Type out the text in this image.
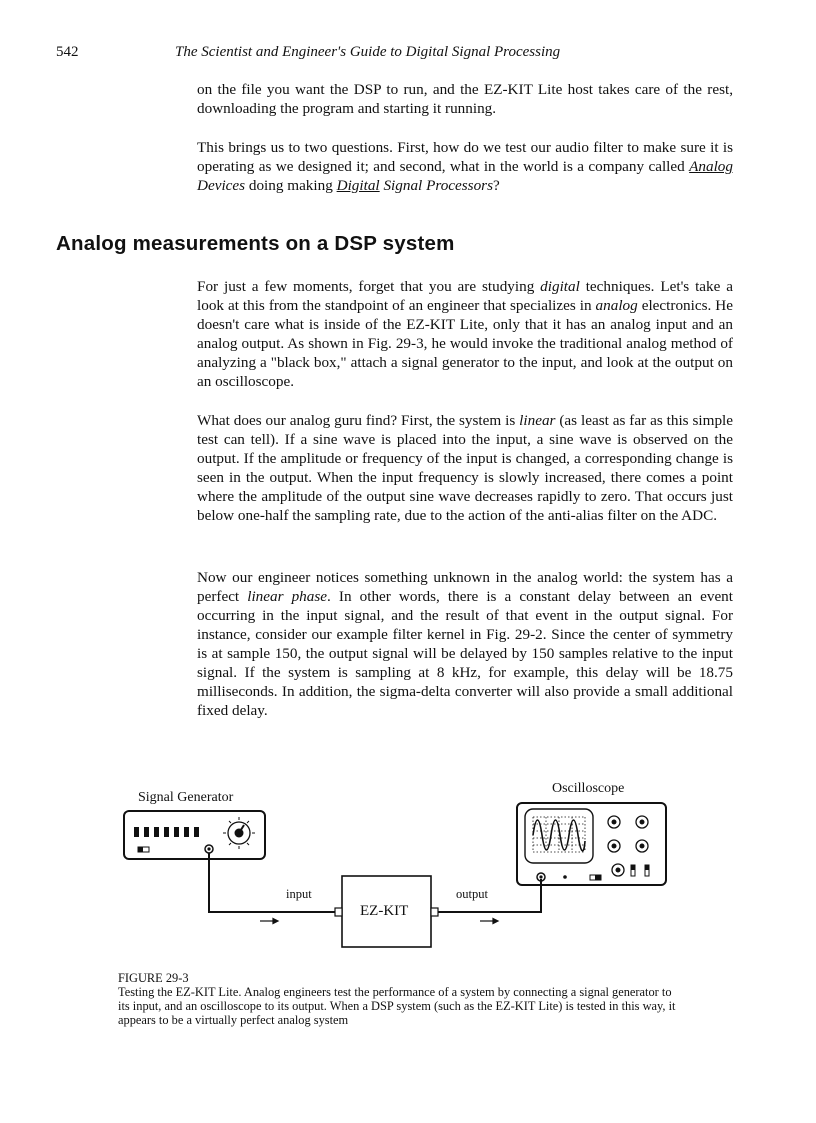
542	The Scientist and Engineer's Guide to Digital Signal Processing

on the file you want the DSP to run, and the EZ-KIT Lite host takes care of the rest, downloading the program and starting it running.

This brings us to two questions. First, how do we test our audio filter to make sure it is operating as we designed it; and second, what in the world is a company called Analog Devices doing making Digital Signal Processors?

Analog measurements on a DSP system

For just a few moments, forget that you are studying digital techniques. Let's take a look at this from the standpoint of an engineer that specializes in analog electronics. He doesn't care what is inside of the EZ-KIT Lite, only that it has an analog input and an analog output. As shown in Fig. 29-3, he would invoke the traditional analog method of analyzing a "black box," attach a signal generator to the input, and look at the output on an oscilloscope.

What does our analog guru find? First, the system is linear (as least as far as this simple test can tell). If a sine wave is placed into the input, a sine wave is observed on the output. If the amplitude or frequency of the input is changed, a corresponding change is seen in the output. When the input frequency is slowly increased, there comes a point where the amplitude of the output sine wave decreases rapidly to zero. That occurs just below one-half the sampling rate, due to the action of the anti-alias filter on the ADC.

Now our engineer notices something unknown in the analog world: the system has a perfect linear phase. In other words, there is a constant delay between an event occurring in the input signal, and the result of that event in the output signal. For instance, consider our example filter kernel in Fig. 29-2. Since the center of symmetry is at sample 150, the output signal will be delayed by 150 samples relative to the input signal. If the system is sampling at 8 kHz, for example, this delay will be 18.75 milliseconds. In addition, the sigma-delta converter will also provide a small additional fixed delay.

Signal Generator
Oscilloscope
input	output
EZ-KIT

FIGURE 29-3
Testing the EZ-KIT Lite. Analog engineers test the performance of a system by connecting a signal generator to its input, and an oscilloscope to its output. When a DSP system (such as the EZ-KIT Lite) is tested in this way, it appears to be a virtually perfect analog system
